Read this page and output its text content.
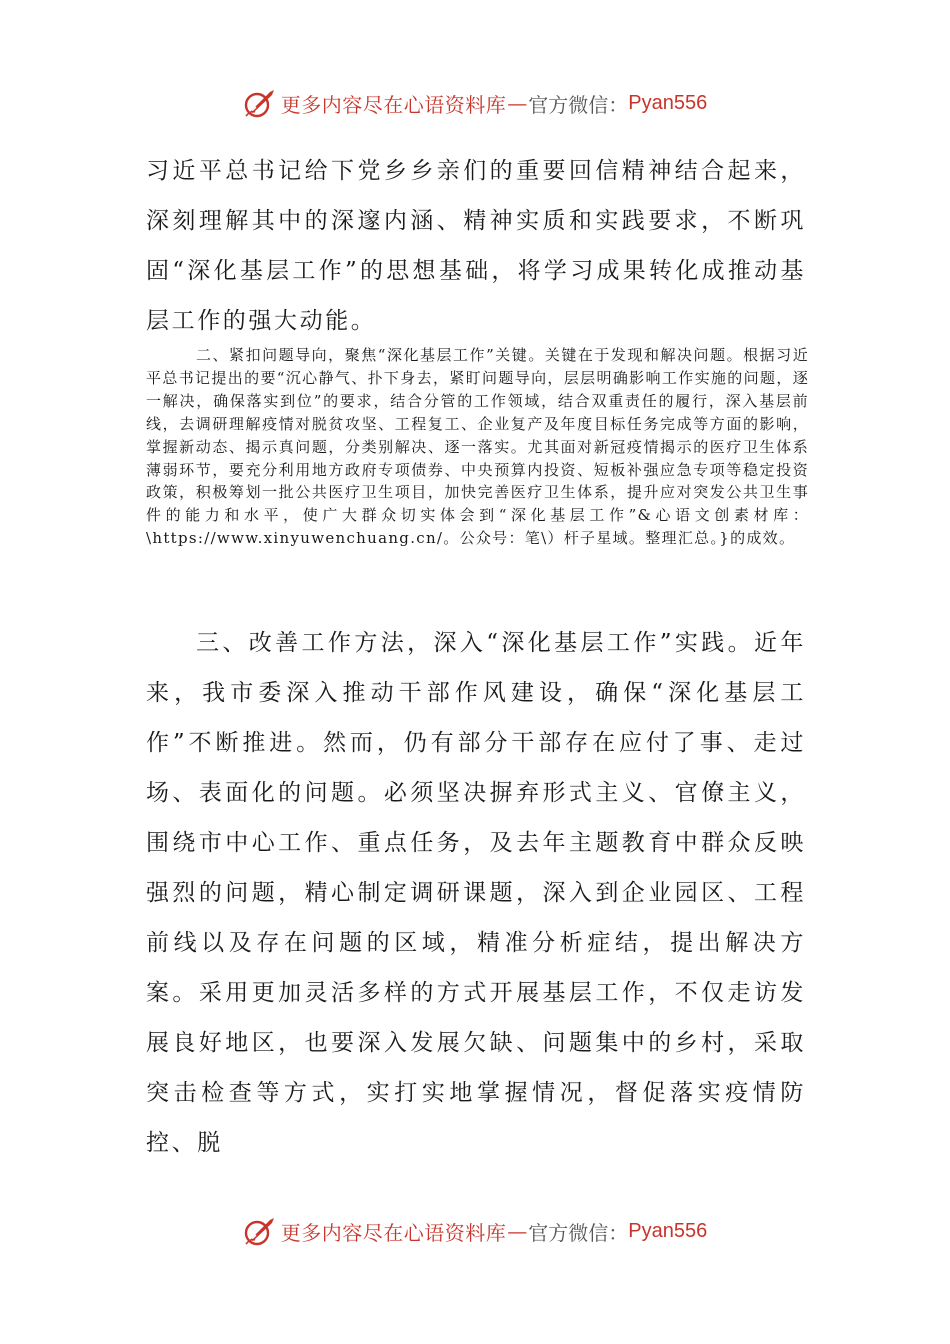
更多内容尽在心语资料库 — 官方微信： Pyan556

习近平总书记给下党乡乡亲们的重要回信精神结合起来，深刻理解其中的深邃内涵、精神实质和实践要求，不断巩固“深化基层工作”的思想基础，将学习成果转化成推动基层工作的强大动能。

二、紧扣问题导向，聚焦“深化基层工作”关键。关键在于发现和解决问题。根据习近平总书记提出的要“沉心静气、扑下身去，紧盯问题导向，层层明确影响工作实施的问题，逐一解决，确保落实到位”的要求，结合分管的工作领域，结合双重责任的履行，深入基层前线，去调研理解疫情对脱贫攻坚、工程复工、企业复产及年度目标任务完成等方面的影响，掌握新动态、揭示真问题，分类别解决、逐一落实。尤其面对新冠疫情揭示的医疗卫生体系薄弱环节，要充分利用地方政府专项债券、中央预算内投资、短板补强应急专项等稳定投资政策，积极筹划一批公共医疗卫生项目，加快完善医疗卫生体系，提升应对突发公共卫生事件的能力和水平，使广大群众切实体会到“深化基层工作”&心语文创素材库：\https://www.xinyuwenchuang.cn/。公众号：笔\）杆子星域。整理汇总。}的成效。

三、改善工作方法，深入“深化基层工作”实践。近年来，我市委深入推动干部作风建设，确保“深化基层工作”不断推进。然而，仍有部分干部存在应付了事、走过场、表面化的问题。必须坚决摒弃形式主义、官僚主义，围绕市中心工作、重点任务，及去年主题教育中群众反映强烈的问题，精心制定调研课题，深入到企业园区、工程前线以及存在问题的区域，精准分析症结，提出解决方案。采用更加灵活多样的方式开展基层工作，不仅走访发展良好地区，也要深入发展欠缺、问题集中的乡村，采取突击检查等方式，实打实地掌握情况，督促落实疫情防控、脱

更多内容尽在心语资料库 — 官方微信： Pyan556
